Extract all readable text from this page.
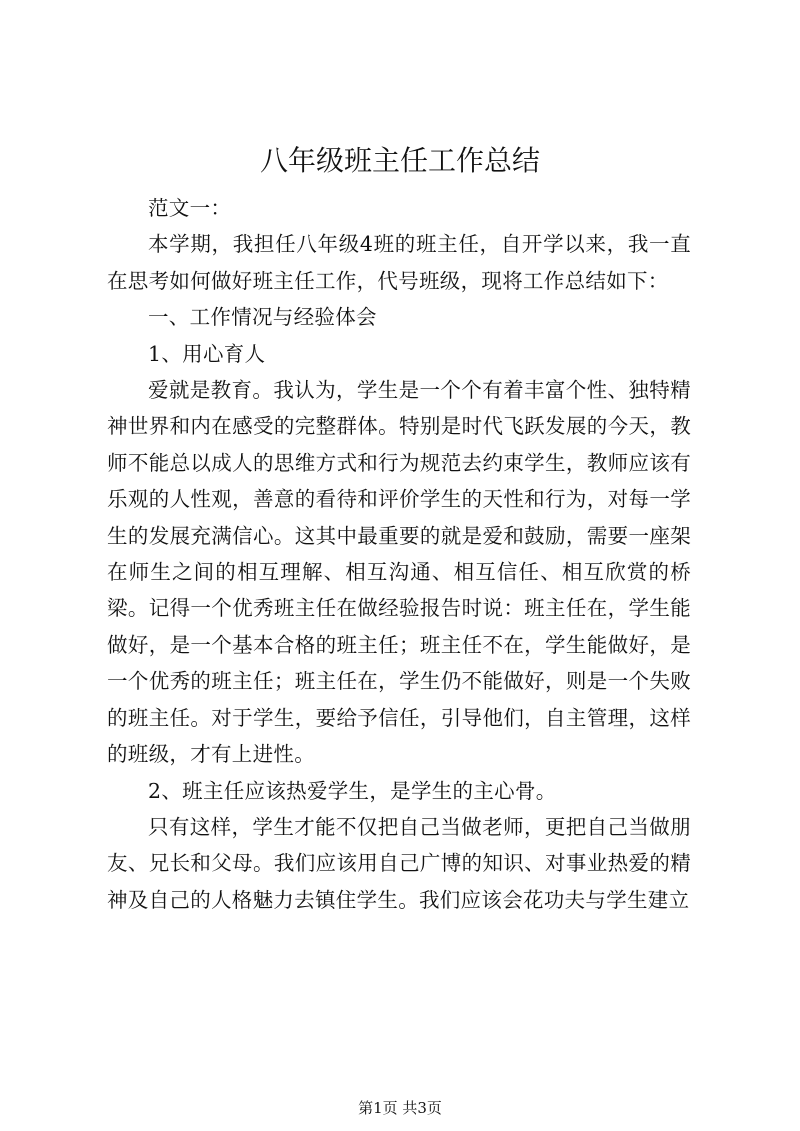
八年级班主任工作总结

范文一：

本学期，我担任八年级4班的班主任，自开学以来，我一直在思考如何做好班主任工作，代号班级，现将工作总结如下：

一、工作情况与经验体会

1、用心育人

爱就是教育。我认为，学生是一个个有着丰富个性、独特精神世界和内在感受的完整群体。特别是时代飞跃发展的今天，教师不能总以成人的思维方式和行为规范去约束学生，教师应该有乐观的人性观，善意的看待和评价学生的天性和行为，对每一学生的发展充满信心。这其中最重要的就是爱和鼓励，需要一座架在师生之间的相互理解、相互沟通、相互信任、相互欣赏的桥梁。记得一个优秀班主任在做经验报告时说：班主任在，学生能做好，是一个基本合格的班主任；班主任不在，学生能做好，是一个优秀的班主任；班主任在，学生仍不能做好，则是一个失败的班主任。对于学生，要给予信任，引导他们，自主管理，这样的班级，才有上进性。

2、班主任应该热爱学生，是学生的主心骨。

只有这样，学生才能不仅把自己当做老师，更把自己当做朋友、兄长和父母。我们应该用自己广博的知识、对事业热爱的精神及自己的人格魅力去镇住学生。我们应该会花功夫与学生建立

第1页 共3页
